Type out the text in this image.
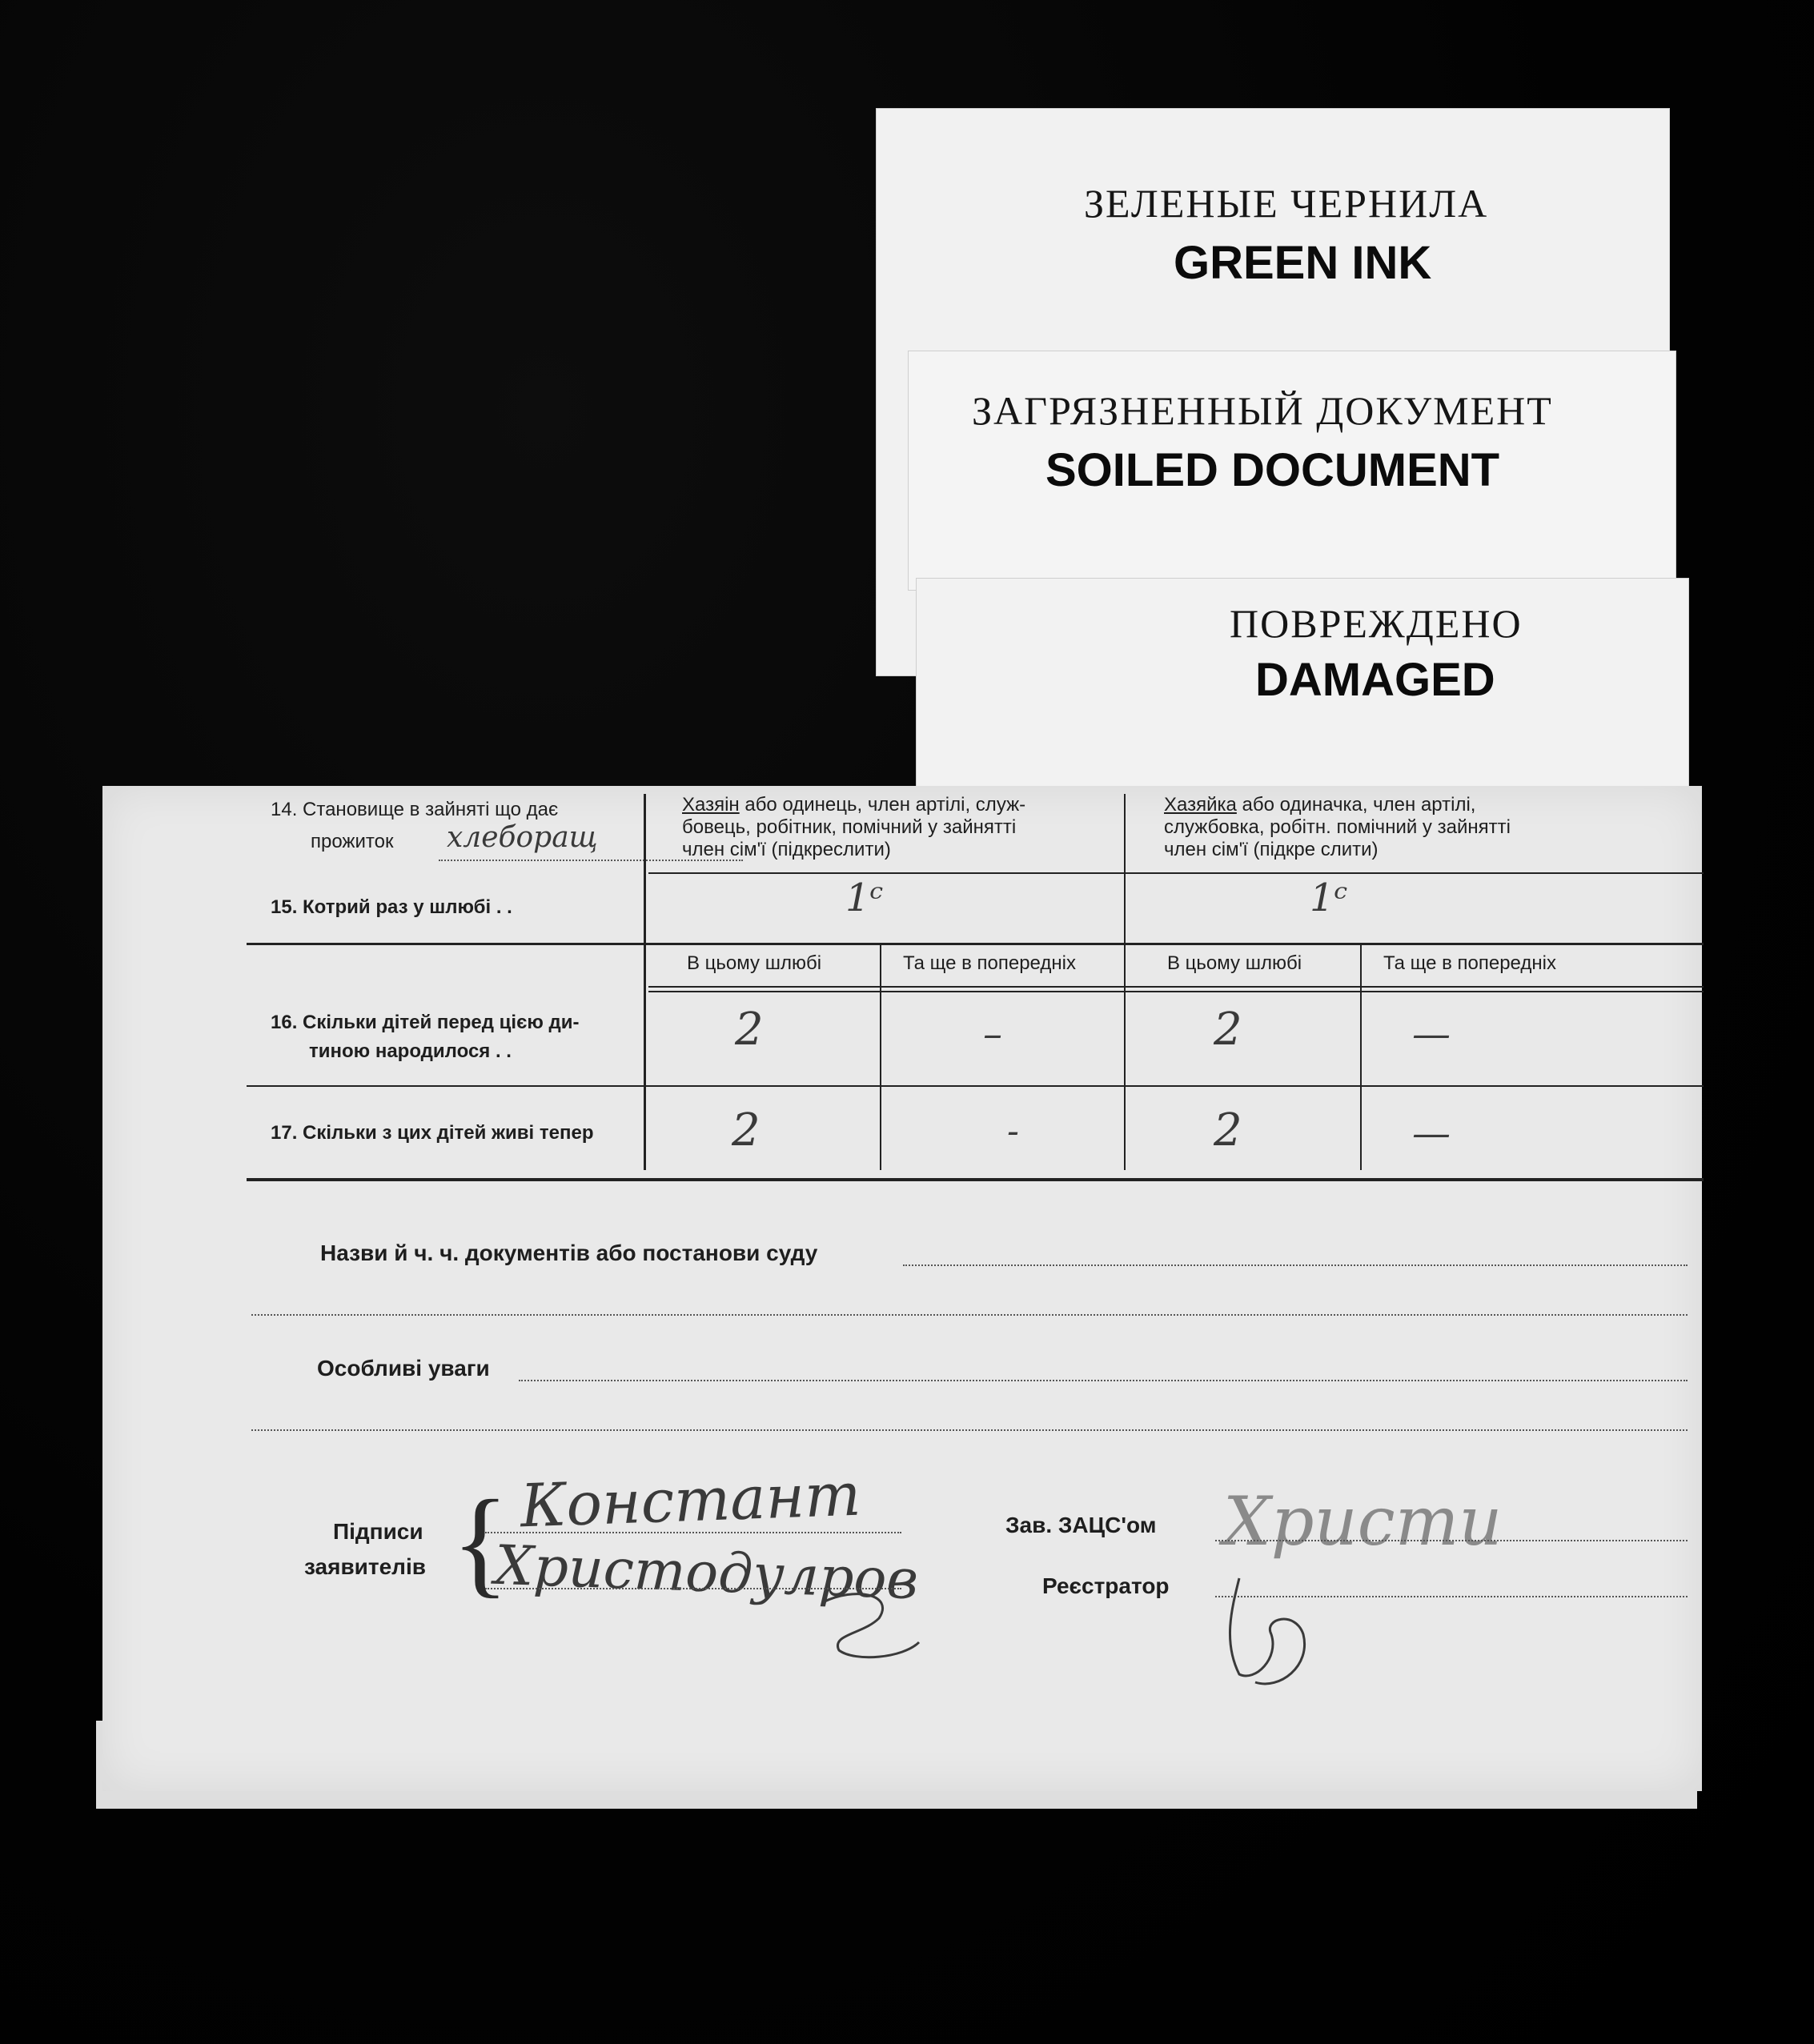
ЗЕЛЕНЫЕ ЧЕРНИЛА
GREEN INK
ЗАГРЯЗНЕННЫЙ ДОКУМЕНТ
SOILED DOCUMENT
ПОВРЕЖДЕНО
DAMAGED
14. Становище в зайняті що дає
прожиток хлеборащ
Хазяін або одинець, член артілі, служ-
бовець, робітник, помічний у зайнятті
член сім'ї (підкреслити)
Хазяйка або одиначка, член артілі,
службовка, робітн. помічний у зайнятті
член сім'ї (підкре слити)
15. Котрий раз у шлюбі . .	1ᶜ	1ᶜ
В цьому шлюбі	Та ще в попередніх	В цьому шлюбі	Та ще в попередніх
16. Скільки дітей перед цією ди-
тиною народилося . .	2	–	2	—
17. Скільки з цих дітей живі тепер	2	-	2	—
Назви й ч. ч. документів або постанови суду
Особливі уваги
Підписи
заявителів { Констант
Христодулров
Зав. ЗАЦС'ом
Реєстратор
Христи
